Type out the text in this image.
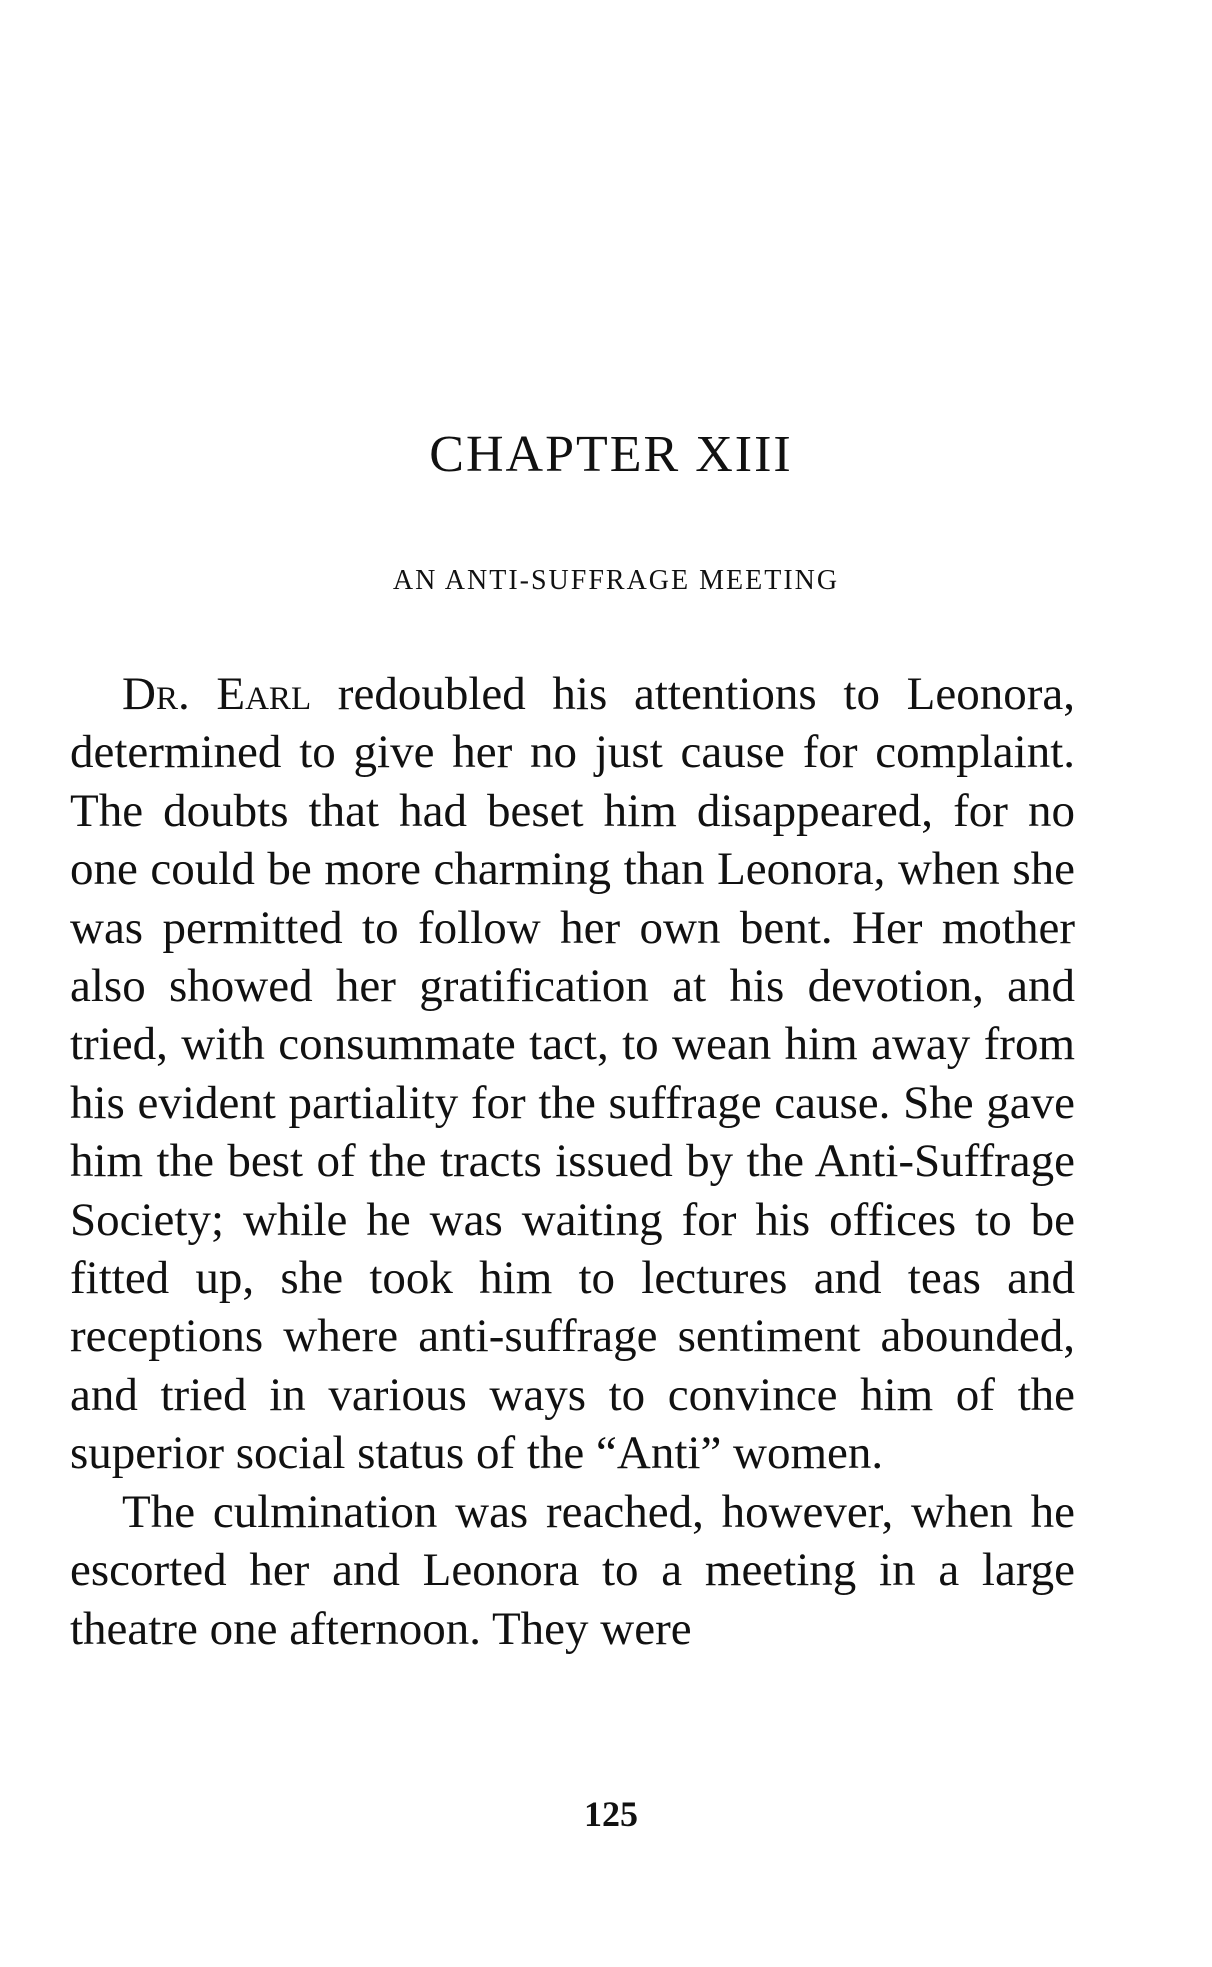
CHAPTER XIII
AN ANTI-SUFFRAGE MEETING

Dr. Earl redoubled his attentions to Leonora, determined to give her no just cause for complaint. The doubts that had beset him disappeared, for no one could be more charming than Leonora, when she was permitted to follow her own bent. Her mother also showed her gratification at his devotion, and tried, with consummate tact, to wean him away from his evident partiality for the suffrage cause. She gave him the best of the tracts issued by the Anti-Suffrage Society; while he was waiting for his offices to be fitted up, she took him to lectures and teas and receptions where anti-suffrage sentiment abounded, and tried in various ways to convince him of the superior social status of the “Anti” women.

The culmination was reached, however, when he escorted her and Leonora to a meeting in a large theatre one afternoon. They were

125
